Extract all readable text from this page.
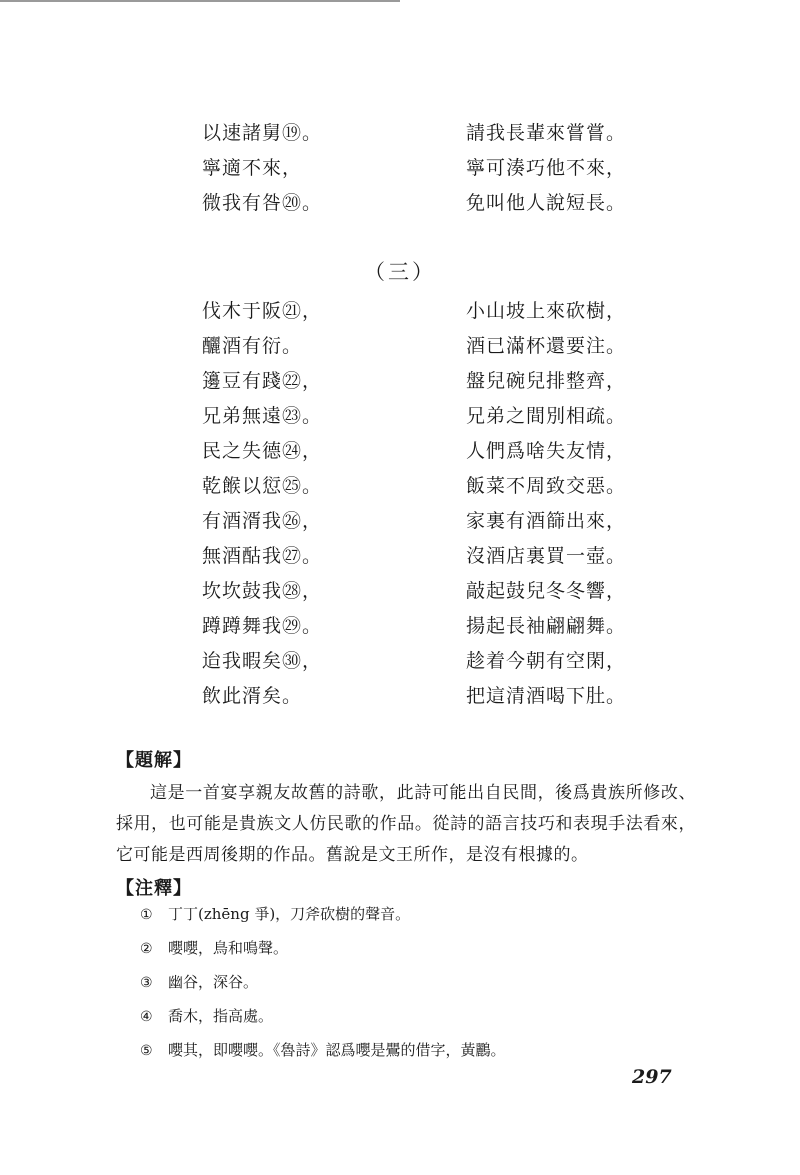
以速諸舅⑲。	請我長輩來嘗嘗。
寧適不來，	寧可湊巧他不來，
微我有咎⑳。	免叫他人說短長。
（三）
伐木于阪㉑，	小山坡上來砍樹，
釃酒有衍。	酒已滿杯還要注。
籩豆有踐㉒，	盤兒碗兒排整齊，
兄弟無遠㉓。	兄弟之間別相疏。
民之失德㉔，	人們爲啥失友情，
乾餱以愆㉕。	飯菜不周致交惡。
有酒湑我㉖，	家裏有酒篩出來，
無酒酤我㉗。	沒酒店裏買一壺。
坎坎鼓我㉘，	敲起鼓兒冬冬響，
蹲蹲舞我㉙。	揚起長袖翩翩舞。
迨我暇矣㉚，	趁着今朝有空閑，
飲此湑矣。	把這清酒喝下肚。
【題解】
這是一首宴享親友故舊的詩歌，此詩可能出自民間，後爲貴族所修改、採用，也可能是貴族文人仿民歌的作品。從詩的語言技巧和表現手法看來，它可能是西周後期的作品。舊說是文王所作，是沒有根據的。
【注釋】
① 丁丁(zhēng 爭)，刀斧砍樹的聲音。
② 嚶嚶，鳥和鳴聲。
③ 幽谷，深谷。
④ 喬木，指高處。
⑤ 嚶其，即嚶嚶。《魯詩》認爲嚶是鷪的借字，黃鸝。
297
